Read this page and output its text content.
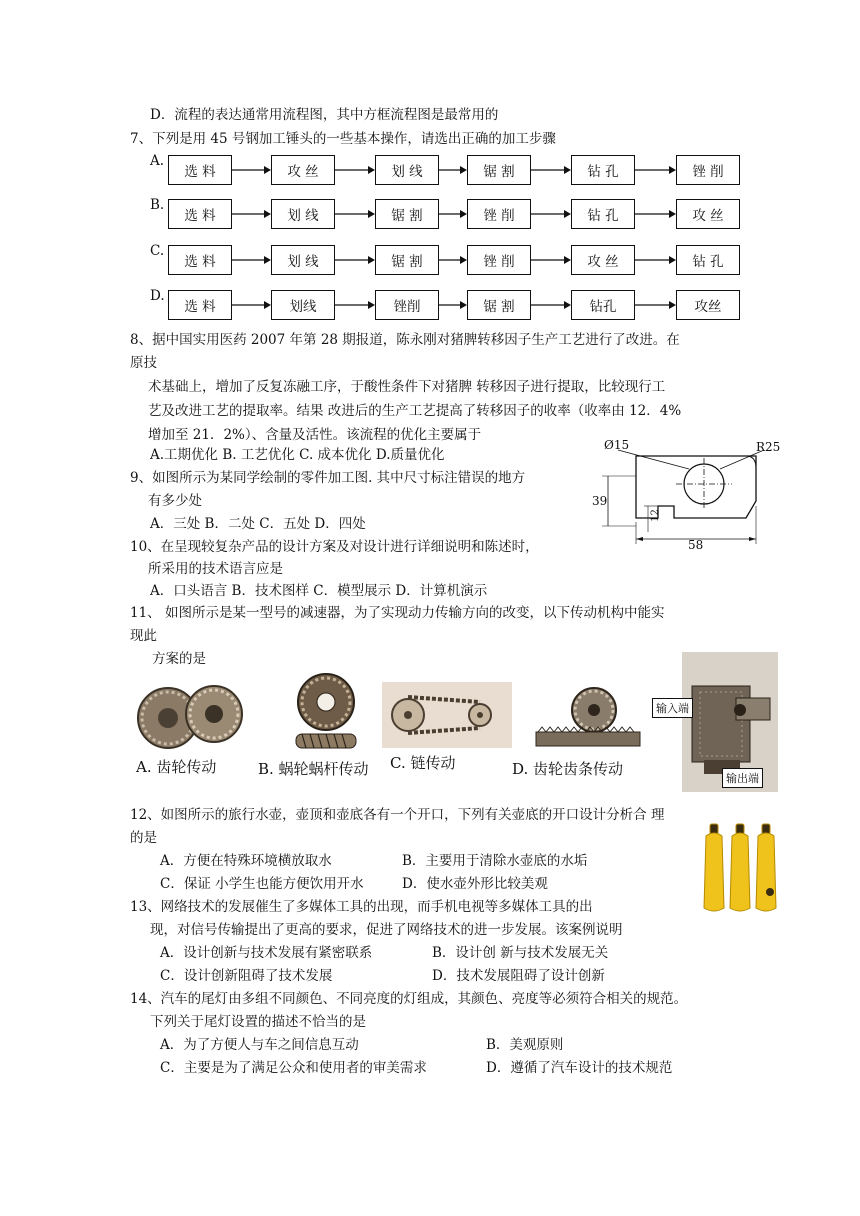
D．流程的表达通常用流程图，其中方框流程图是最常用的
7、下列是用 45 号钢加工锤头的一些基本操作，请选出正确的加工步骤
A.
选 料	攻 丝	划 线	锯 割	钻 孔	锉 削
B.
选 料	划 线	锯 割	锉 削	钻 孔	攻 丝
C.
选 料	划 线	锯 割	锉 削	攻 丝	钻 孔
D.
选 料	划线	锉削	锯 割	钻孔	攻丝
8、据中国实用医药 2007 年第 28 期报道，陈永刚对猪脾转移因子生产工艺进行了改进。在
原技
术基础上，增加了反复冻融工序，于酸性条件下对猪脾 转移因子进行提取，比较现行工
艺及改进工艺的提取率。结果 改进后的生产工艺提高了转移因子的收率（收率由 12．4%
增加至 21．2%）、含量及活性。该流程的优化主要属于
A.工期优化 B. 工艺优化 C. 成本优化 D.质量优化
9、如图所示为某同学绘制的零件加工图. 其中尺寸标注错误的地方
有多少处
A．三处 B．二处 C．五处 D．四处
Ø15	R25
39
12
58
10、在呈现较复杂产品的设计方案及对设计进行详细说明和陈述时，
所采用的技术语言应是
A．口头语言 B．技术图样 C．模型展示 D．计算机演示
11、 如图所示是某一型号的减速器，为了实现动力传输方向的改变，以下传动机构中能实
现此
方案的是
A. 齿轮传动	B. 蜗轮蜗杆传动 C. 链传动	D. 齿轮齿条传动
输入端
输出端
12、如图所示的旅行水壶，壶顶和壶底各有一个开口，下列有关壶底的开口设计分析合 理
的是
A．方便在特殊环境横放取水	B．主要用于清除水壶底的水垢
C．保证 小学生也能方便饮用开水	D．使水壶外形比较美观
13、网络技术的发展催生了多媒体工具的出现，而手机电视等多媒体工具的出
现，对信号传输提出了更高的要求，促进了网络技术的进一步发展。该案例说明
A．设计创新与技术发展有紧密联系	B．设计创 新与技术发展无关
C．设计创新阻碍了技术发展	D．技术发展阻碍了设计创新
14、汽车的尾灯由多组不同颜色、不同亮度的灯组成，其颜色、亮度等必须符合相关的规范。
下列关于尾灯设置的描述不恰当的是
A．为了方便人与车之间信息互动	B．美观原则
C．主要是为了满足公众和使用者的审美需求	D．遵循了汽车设计的技术规范
